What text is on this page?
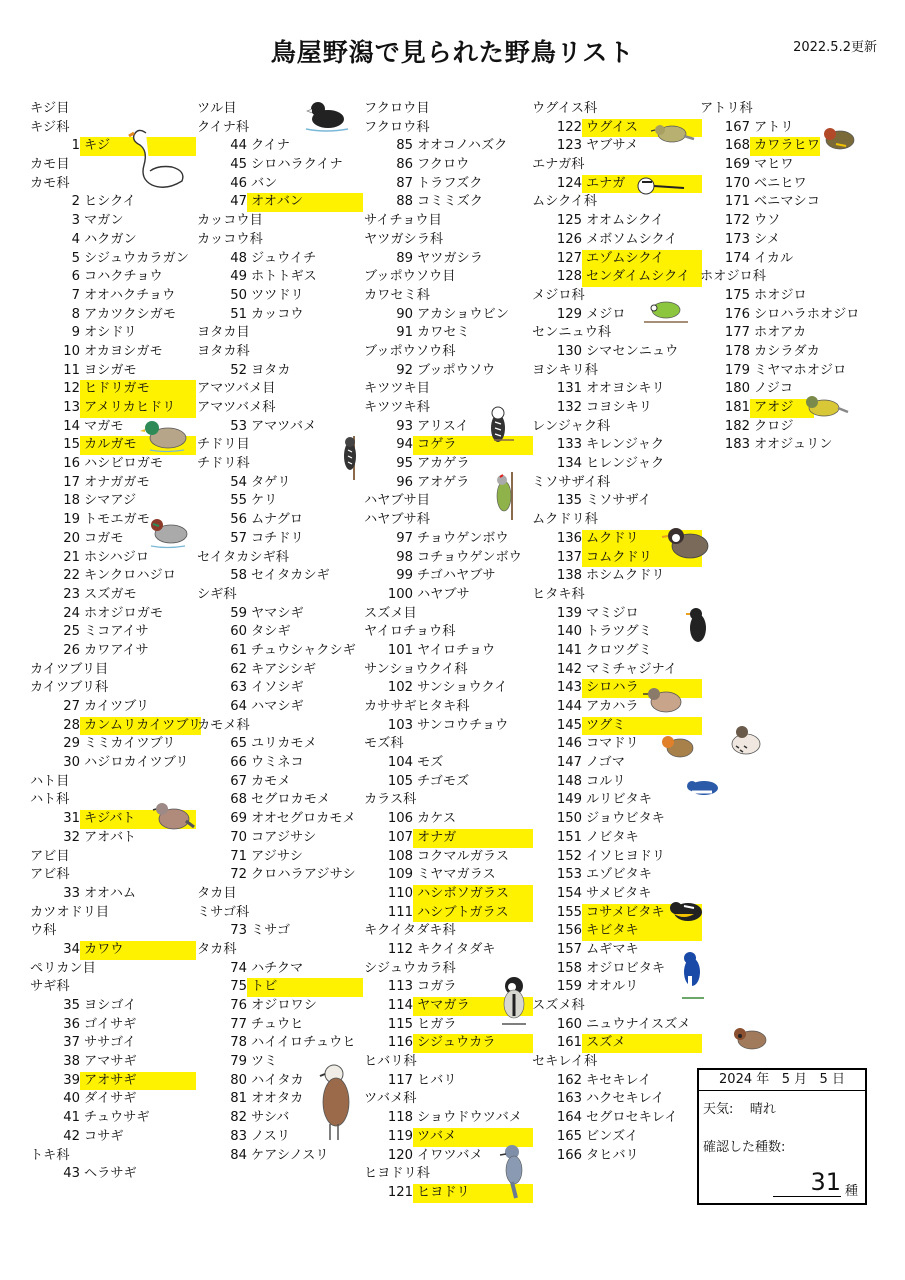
鳥屋野潟で見られた野鳥リスト	2022.5.2更新
キジ目
キジ科
1 キジ
カモ目
カモ科
2 ヒシクイ
3 マガン
4 ハクガン
5 シジュウカラガン
6 コハクチョウ
7 オオハクチョウ
8 アカツクシガモ
9 オシドリ
10 オカヨシガモ
11 ヨシガモ
12 ヒドリガモ
13 アメリカヒドリ
14 マガモ
15 カルガモ
16 ハシビロガモ
17 オナガガモ
18 シマアジ
19 トモエガモ
20 コガモ
21 ホシハジロ
22 キンクロハジロ
23 スズガモ
24 ホオジロガモ
25 ミコアイサ
26 カワアイサ
カイツブリ目
カイツブリ科
27 カイツブリ
28 カンムリカイツブリ
29 ミミカイツブリ
30 ハジロカイツブリ
ハト目
ハト科
31 キジバト
32 アオバト
アビ目
アビ科
33 オオハム
カツオドリ目
ウ科
34 カワウ
ペリカン目
サギ科
35 ヨシゴイ
36 ゴイサギ
37 ササゴイ
38 アマサギ
39 アオサギ
40 ダイサギ
41 チュウサギ
42 コサギ
トキ科
43 ヘラサギ
ツル目
クイナ科
44 クイナ
45 シロハラクイナ
46 バン
47 オオバン
カッコウ目
カッコウ科
48 ジュウイチ
49 ホトトギス
50 ツツドリ
51 カッコウ
ヨタカ目
ヨタカ科
52 ヨタカ
アマツバメ目
アマツバメ科
53 アマツバメ
チドリ目
チドリ科
54 タゲリ
55 ケリ
56 ムナグロ
57 コチドリ
セイタカシギ科
58 セイタカシギ
シギ科
59 ヤマシギ
60 タシギ
61 チュウシャクシギ
62 キアシシギ
63 イソシギ
64 ハマシギ
カモメ科
65 ユリカモメ
66 ウミネコ
67 カモメ
68 セグロカモメ
69 オオセグロカモメ
70 コアジサシ
71 アジサシ
72 クロハラアジサシ
タカ目
ミサゴ科
73 ミサゴ
タカ科
74 ハチクマ
75 トビ
76 オジロワシ
77 チュウヒ
78 ハイイロチュウヒ
79 ツミ
80 ハイタカ
81 オオタカ
82 サシバ
83 ノスリ
84 ケアシノスリ
フクロウ目
フクロウ科
85 オオコノハズク
86 フクロウ
87 トラフズク
88 コミミズク
サイチョウ目
ヤツガシラ科
89 ヤツガシラ
ブッポウソウ目
カワセミ科
90 アカショウビン
91 カワセミ
ブッポウソウ科
92 ブッポウソウ
キツツキ目
キツツキ科
93 アリスイ
94 コゲラ
95 アカゲラ
96 アオゲラ
ハヤブサ目
ハヤブサ科
97 チョウゲンボウ
98 コチョウゲンボウ
99 チゴハヤブサ
100 ハヤブサ
スズメ目
ヤイロチョウ科
101 ヤイロチョウ
サンショウクイ科
102 サンショウクイ
カササギヒタキ科
103 サンコウチョウ
モズ科
104 モズ
105 チゴモズ
カラス科
106 カケス
107 オナガ
108 コクマルガラス
109 ミヤマガラス
110 ハシボソガラス
111 ハシブトガラス
キクイタダキ科
112 キクイタダキ
シジュウカラ科
113 コガラ
114 ヤマガラ
115 ヒガラ
116 シジュウカラ
ヒバリ科
117 ヒバリ
ツバメ科
118 ショウドウツバメ
119 ツバメ
120 イワツバメ
ヒヨドリ科
121 ヒヨドリ
ウグイス科
122 ウグイス
123 ヤブサメ
エナガ科
124 エナガ
ムシクイ科
125 オオムシクイ
126 メボソムシクイ
127 エゾムシクイ
128 センダイムシクイ
メジロ科
129 メジロ
センニュウ科
130 シマセンニュウ
ヨシキリ科
131 オオヨシキリ
132 コヨシキリ
レンジャク科
133 キレンジャク
134 ヒレンジャク
ミソサザイ科
135 ミソサザイ
ムクドリ科
136 ムクドリ
137 コムクドリ
138 ホシムクドリ
ヒタキ科
139 マミジロ
140 トラツグミ
141 クロツグミ
142 マミチャジナイ
143 シロハラ
144 アカハラ
145 ツグミ
146 コマドリ
147 ノゴマ
148 コルリ
149 ルリビタキ
150 ジョウビタキ
151 ノビタキ
152 イソヒヨドリ
153 エゾビタキ
154 サメビタキ
155 コサメビタキ
156 キビタキ
157 ムギマキ
158 オジロビタキ
159 オオルリ
スズメ科
160 ニュウナイスズメ
161 スズメ
セキレイ科
162 キセキレイ
163 ハクセキレイ
164 セグロセキレイ
165 ビンズイ
166 タヒバリ
アトリ科
167 アトリ
168 カワラヒワ
169 マヒワ
170 ベニヒワ
171 ベニマシコ
172 ウソ
173 シメ
174 イカル
ホオジロ科
175 ホオジロ
176 シロハラホオジロ
177 ホオアカ
178 カシラダカ
179 ミヤマホオジロ
180 ノジコ
181 アオジ
182 クロジ
183 オオジュリン
2024 年 5 月 5 日
天気: 晴れ
確認した種数:
31 種
